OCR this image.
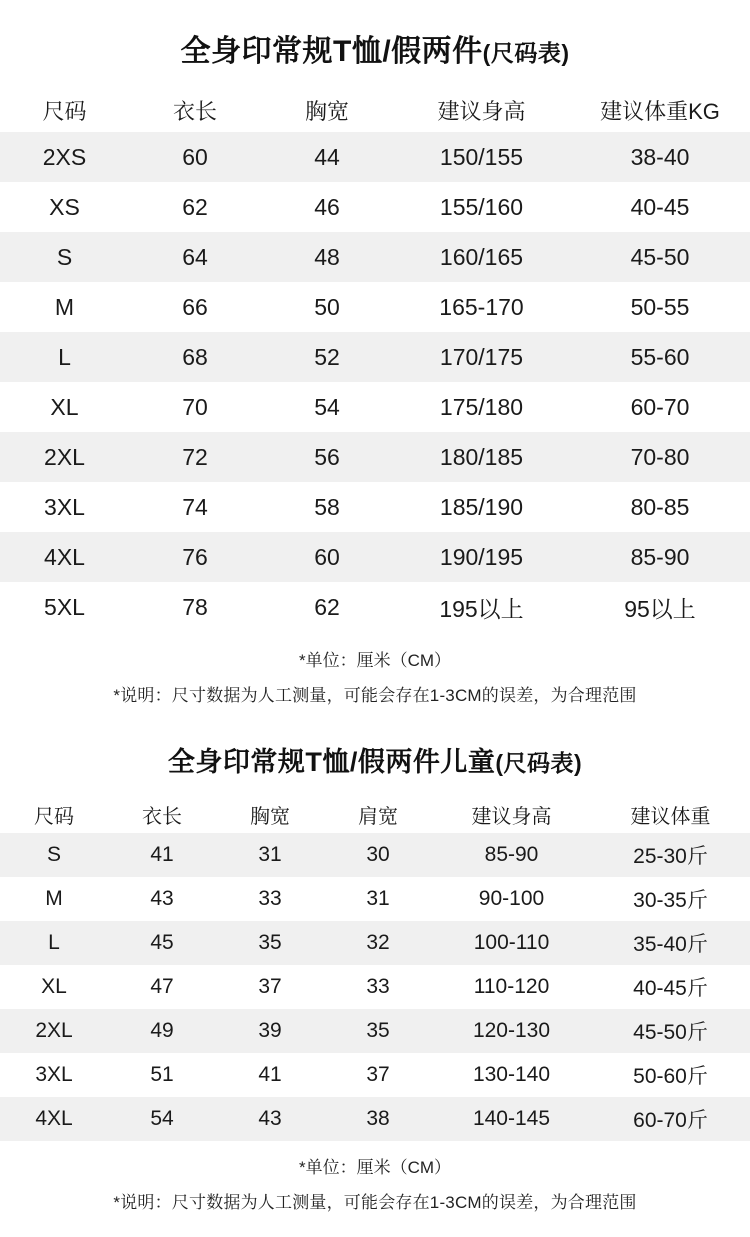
全身印常规T恤/假两件(尺码表)
尺码	衣长	胸宽	建议身高	建议体重KG
2XS	60	44	150/155	38-40
XS	62	46	155/160	40-45
S	64	48	160/165	45-50
M	66	50	165-170	50-55
L	68	52	170/175	55-60
XL	70	54	175/180	60-70
2XL	72	56	180/185	70-80
3XL	74	58	185/190	80-85
4XL	76	60	190/195	85-90
5XL	78	62	195以上	95以上
*单位：厘米（CM）
*说明：尺寸数据为人工测量，可能会存在1-3CM的误差，为合理范围
全身印常规T恤/假两件儿童(尺码表)
尺码	衣长	胸宽	肩宽	建议身高	建议体重
S	41	31	30	85-90	25-30斤
M	43	33	31	90-100	30-35斤
L	45	35	32	100-110	35-40斤
XL	47	37	33	110-120	40-45斤
2XL	49	39	35	120-130	45-50斤
3XL	51	41	37	130-140	50-60斤
4XL	54	43	38	140-145	60-70斤
*单位：厘米（CM）
*说明：尺寸数据为人工测量，可能会存在1-3CM的误差，为合理范围
